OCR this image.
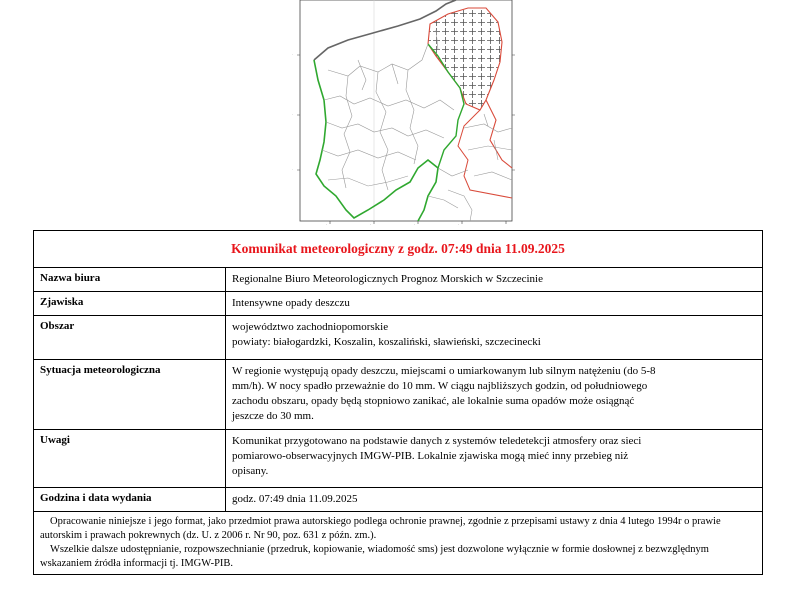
·
·
·
·	·	·	·
Komunikat meteorologiczny z godz. 07:49 dnia 11.09.2025	
Nazwa biura	Regionalne Biuro Meteorologicznych Prognoz Morskich w Szczecinie

Zjawiska	Intensywne opady deszczu

Obszar	województwo zachodniopomorskie
powiaty: białogardzki, Koszalin, koszaliński, sławieński, szczecinecki

Sytuacja meteorologiczna	W regionie występują opady deszczu, miejscami o umiarkowanym lub silnym natężeniu (do 5-8
mm/h). W nocy spadło przeważnie do 10 mm. W ciągu najbliższych godzin, od południowego
zachodu obszaru, opady będą stopniowo zanikać, ale lokalnie suma opadów może osiągnąć
jeszcze do 30 mm.

Uwagi	Komunikat przygotowano na podstawie danych z systemów teledetekcji atmosfery oraz sieci
pomiarowo-obserwacyjnych IMGW-PIB. Lokalnie zjawiska mogą mieć inny przebieg niż
opisany.

Godzina i data wydania	godz. 07:49 dnia 11.09.2025

Opracowanie niniejsze i jego format, jako przedmiot prawa autorskiego podlega ochronie prawnej, zgodnie z przepisami ustawy z dnia 4 lutego 1994r o prawie autorskim i prawach pokrewnych (dz. U. z 2006 r. Nr 90, poz. 631 z późn. zm.).

Wszelkie dalsze udostępnianie, rozpowszechnianie (przedruk, kopiowanie, wiadomość sms) jest dozwolone wyłącznie w formie dosłownej z bezwzględnym wskazaniem źródła informacji tj. IMGW-PIB.	
